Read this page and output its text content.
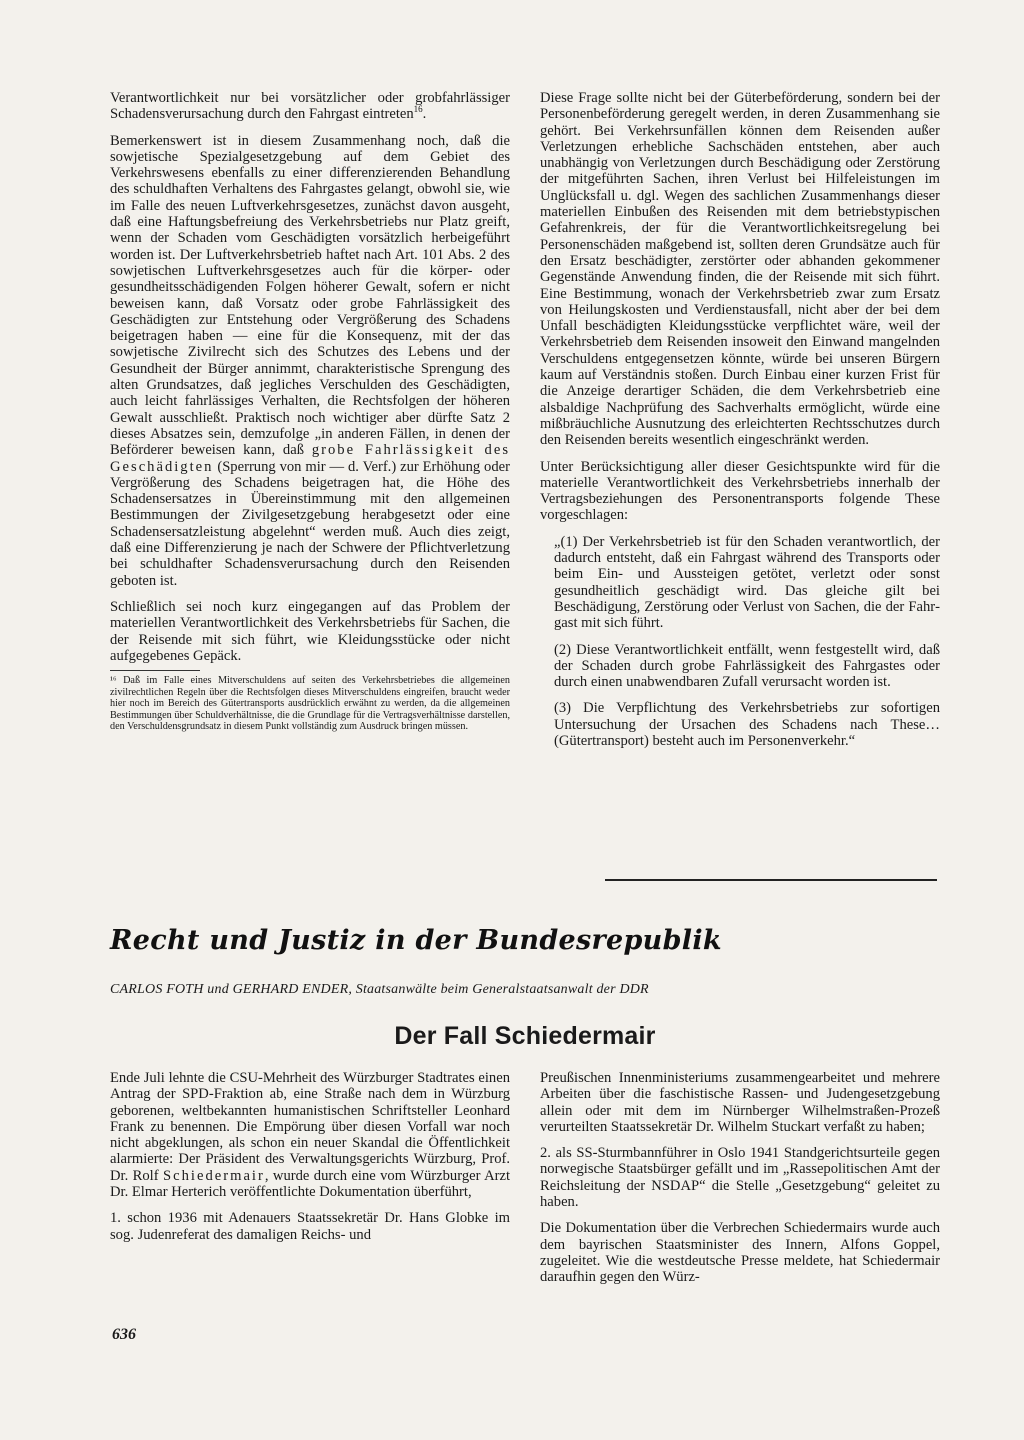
Verantwortlichkeit nur bei vorsätzlicher oder grobfahrlässiger Schadensverursachung durch den Fahrgast eintreten$^{16}$.

Bemerkenswert ist in diesem Zusammenhang noch, daß die sowjetische Spezialgesetzgebung auf dem Gebiet des Verkehrswesens ebenfalls zu einer differenzierenden Behandlung des schuldhaften Verhaltens des Fahrgastes gelangt, obwohl sie, wie im Falle des neuen Luftverkehrsgesetzes, zunächst davon ausgeht, daß eine Haftungsbefreiung des Verkehrsbetriebs nur Platz greift, wenn der Schaden vom Geschädigten vorsätzlich herbeigeführt worden ist. Der Luftverkehrsbetrieb haftet nach Art. 101 Abs. 2 des sowjetischen Luftverkehrsgesetzes auch für die körper- oder gesundheitsschädigenden Folgen höherer Gewalt, sofern er nicht beweisen kann, daß Vorsatz oder grobe Fahrlässigkeit des Geschädigten zur Entstehung oder Vergrößerung des Schadens beigetragen haben — eine für die Konsequenz, mit der das sowjetische Zivilrecht sich des Schutzes des Lebens und der Gesundheit der Bürger annimmt, charakteristische Sprengung des alten Grundsatzes, daß jegliches Verschulden des Geschädigten, auch leicht fahrlässiges Verhalten, die Rechtsfolgen der höheren Gewalt ausschließt. Praktisch noch wichtiger aber dürfte Satz 2 dieses Absatzes sein, demzufolge „in anderen Fällen, in denen der Beförderer beweisen kann, daß grobe Fahrlässigkeit des Geschädigten (Sperrung von mir — d. Verf.) zur Erhöhung oder Vergrößerung des Schadens beigetragen hat, die Höhe des Schadensersatzes in Übereinstimmung mit den allgemeinen Bestimmungen der Zivilgesetzgebung herabgesetzt oder eine Schadensersatzleistung abgelehnt“ werden muß. Auch dies zeigt, daß eine Differenzierung je nach der Schwere der Pflichtverletzung bei schuldhafter Schadensverursachung durch den Reisenden geboten ist.

Schließlich sei noch kurz eingegangen auf das Problem der materiellen Verantwortlichkeit des Verkehrsbetriebs für Sachen, die der Reisende mit sich führt, wie Kleidungsstücke oder nicht aufgegebenes Gepäck.

¹⁶ Daß im Falle eines Mitverschuldens auf seiten des Verkehrsbetriebes die allgemeinen zivilrechtlichen Regeln über die Rechtsfolgen dieses Mitverschuldens eingreifen, braucht weder hier noch im Bereich des Gütertransports ausdrücklich erwähnt zu werden, da die allgemeinen Bestimmungen über Schuldverhältnisse, die die Grundlage für die Vertragsverhältnisse darstellen, den Verschuldensgrundsatz in diesem Punkt vollständig zum Ausdruck bringen müssen.

Diese Frage sollte nicht bei der Güterbeförderung, sondern bei der Personenbeförderung geregelt werden, in deren Zusammenhang sie gehört. Bei Verkehrsunfällen können dem Reisenden außer Verletzungen erhebliche Sachschäden entstehen, aber auch unabhängig von Verletzungen durch Beschädigung oder Zerstörung der mitgeführten Sachen, ihren Verlust bei Hilfeleistungen im Unglücksfall u. dgl. Wegen des sachlichen Zusammenhangs dieser materiellen Einbußen des Reisenden mit dem betriebstypischen Gefahrenkreis, der für die Verantwortlichkeitsregelung bei Personenschäden maßgebend ist, sollten deren Grundsätze auch für den Ersatz beschädigter, zerstörter oder abhanden gekommener Gegenstände Anwendung finden, die der Reisende mit sich führt. Eine Bestimmung, wonach der Verkehrsbetrieb zwar zum Ersatz von Heilungskosten und Verdienstausfall, nicht aber der bei dem Unfall beschädigten Kleidungsstücke verpflichtet wäre, weil der Verkehrsbetrieb dem Reisenden insoweit den Einwand mangelnden Verschuldens entgegensetzen könnte, würde bei unseren Bürgern kaum auf Verständnis stoßen. Durch Einbau einer kurzen Frist für die Anzeige derartiger Schäden, die dem Verkehrsbetrieb eine alsbaldige Nachprüfung des Sachverhalts ermöglicht, würde eine mißbräuchliche Ausnutzung des erleichterten Rechtsschutzes durch den Reisenden bereits wesentlich eingeschränkt werden.

Unter Berücksichtigung aller dieser Gesichtspunkte wird für die materielle Verantwortlichkeit des Verkehrsbetriebs innerhalb der Vertragsbeziehungen des Personentransports folgende These vorgeschlagen:

„(1) Der Verkehrsbetrieb ist für den Schaden verantwortlich, der dadurch entsteht, daß ein Fahrgast während des Transports oder beim Ein- und Aussteigen getötet, verletzt oder sonst gesundheitlich geschädigt wird. Das gleiche gilt bei Beschädigung, Zerstörung oder Verlust von Sachen, die der Fahrgast mit sich führt.

(2) Diese Verantwortlichkeit entfällt, wenn festgestellt wird, daß der Schaden durch grobe Fahrlässigkeit des Fahrgastes oder durch einen unabwendbaren Zufall verursacht worden ist.

(3) Die Verpflichtung des Verkehrsbetriebs zur sofortigen Untersuchung der Ursachen des Schadens nach These… (Gütertransport) besteht auch im Personenverkehr.“

Recht und Justiz in der Bundesrepublik
CARLOS FOTH und GERHARD ENDER, Staatsanwälte beim Generalstaatsanwalt der DDR
Der Fall Schiedermair

Ende Juli lehnte die CSU-Mehrheit des Würzburger Stadtrates einen Antrag der SPD-Fraktion ab, eine Straße nach dem in Würzburg geborenen, weltbekannten humanistischen Schriftsteller Leonhard Frank zu benennen. Die Empörung über diesen Vorfall war noch nicht abgeklungen, als schon ein neuer Skandal die Öffentlichkeit alarmierte: Der Präsident des Verwaltungsgerichts Würzburg, Prof. Dr. Rolf Schiedermair, wurde durch eine vom Würzburger Arzt Dr. Elmar Herterich veröffentlichte Dokumentation überführt,

1. schon 1936 mit Adenauers Staatssekretär Dr. Hans Globke im sog. Judenreferat des damaligen Reichs- und

Preußischen Innenministeriums zusammengearbeitet und mehrere Arbeiten über die faschistische Rassen- und Judengesetzgebung allein oder mit dem im Nürnberger Wilhelmstraßen-Prozeß verurteilten Staatssekretär Dr. Wilhelm Stuckart verfaßt zu haben;

2. als SS-Sturmbannführer in Oslo 1941 Standgerichtsurteile gegen norwegische Staatsbürger gefällt und im „Rassepolitischen Amt der Reichsleitung der NSDAP“ die Stelle „Gesetzgebung“ geleitet zu haben.

Die Dokumentation über die Verbrechen Schiedermairs wurde auch dem bayrischen Staatsminister des Innern, Alfons Goppel, zugeleitet. Wie die westdeutsche Presse meldete, hat Schiedermair daraufhin gegen den Würz-

636
